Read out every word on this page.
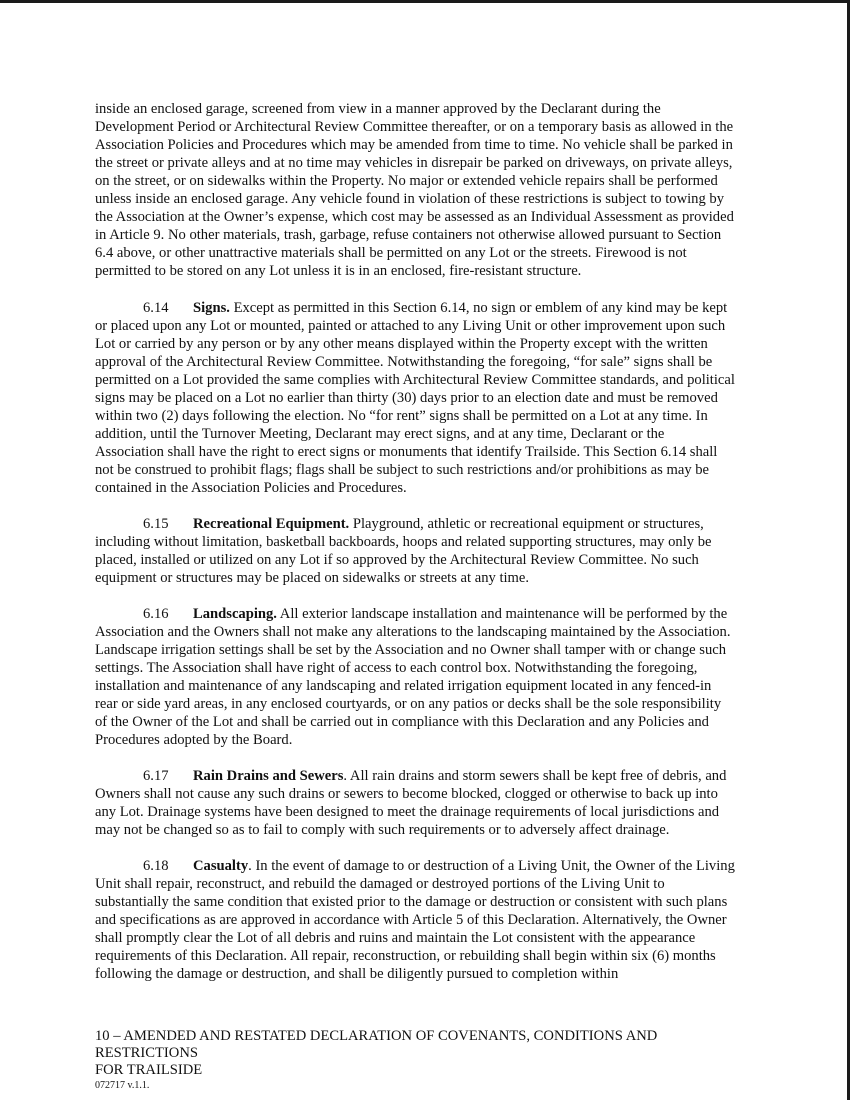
inside an enclosed garage, screened from view in a manner approved by the Declarant during the Development Period or Architectural Review Committee thereafter, or on a temporary basis as allowed in the Association Policies and Procedures which may be amended from time to time. No vehicle shall be parked in the street or private alleys and at no time may vehicles in disrepair be parked on driveways, on private alleys, on the street, or on sidewalks within the Property. No major or extended vehicle repairs shall be performed unless inside an enclosed garage. Any vehicle found in violation of these restrictions is subject to towing by the Association at the Owner’s expense, which cost may be assessed as an Individual Assessment as provided in Article 9. No other materials, trash, garbage, refuse containers not otherwise allowed pursuant to Section 6.4 above, or other unattractive materials shall be permitted on any Lot or the streets. Firewood is not permitted to be stored on any Lot unless it is in an enclosed, fire-resistant structure.

6.14 Signs. Except as permitted in this Section 6.14, no sign or emblem of any kind may be kept or placed upon any Lot or mounted, painted or attached to any Living Unit or other improvement upon such Lot or carried by any person or by any other means displayed within the Property except with the written approval of the Architectural Review Committee. Notwithstanding the foregoing, “for sale” signs shall be permitted on a Lot provided the same complies with Architectural Review Committee standards, and political signs may be placed on a Lot no earlier than thirty (30) days prior to an election date and must be removed within two (2) days following the election. No “for rent” signs shall be permitted on a Lot at any time. In addition, until the Turnover Meeting, Declarant may erect signs, and at any time, Declarant or the Association shall have the right to erect signs or monuments that identify Trailside. This Section 6.14 shall not be construed to prohibit flags; flags shall be subject to such restrictions and/or prohibitions as may be contained in the Association Policies and Procedures.

6.15 Recreational Equipment. Playground, athletic or recreational equipment or structures, including without limitation, basketball backboards, hoops and related supporting structures, may only be placed, installed or utilized on any Lot if so approved by the Architectural Review Committee. No such equipment or structures may be placed on sidewalks or streets at any time.

6.16 Landscaping. All exterior landscape installation and maintenance will be performed by the Association and the Owners shall not make any alterations to the landscaping maintained by the Association. Landscape irrigation settings shall be set by the Association and no Owner shall tamper with or change such settings. The Association shall have right of access to each control box. Notwithstanding the foregoing, installation and maintenance of any landscaping and related irrigation equipment located in any fenced-in rear or side yard areas, in any enclosed courtyards, or on any patios or decks shall be the sole responsibility of the Owner of the Lot and shall be carried out in compliance with this Declaration and any Policies and Procedures adopted by the Board.

6.17 Rain Drains and Sewers. All rain drains and storm sewers shall be kept free of debris, and Owners shall not cause any such drains or sewers to become blocked, clogged or otherwise to back up into any Lot. Drainage systems have been designed to meet the drainage requirements of local jurisdictions and may not be changed so as to fail to comply with such requirements or to adversely affect drainage.

6.18 Casualty. In the event of damage to or destruction of a Living Unit, the Owner of the Living Unit shall repair, reconstruct, and rebuild the damaged or destroyed portions of the Living Unit to substantially the same condition that existed prior to the damage or destruction or consistent with such plans and specifications as are approved in accordance with Article 5 of this Declaration. Alternatively, the Owner shall promptly clear the Lot of all debris and ruins and maintain the Lot consistent with the appearance requirements of this Declaration. All repair, reconstruction, or rebuilding shall begin within six (6) months following the damage or destruction, and shall be diligently pursued to completion within

10 – AMENDED AND RESTATED DECLARATION OF COVENANTS, CONDITIONS AND RESTRICTIONS
FOR TRAILSIDE
072717 v.1.1.
